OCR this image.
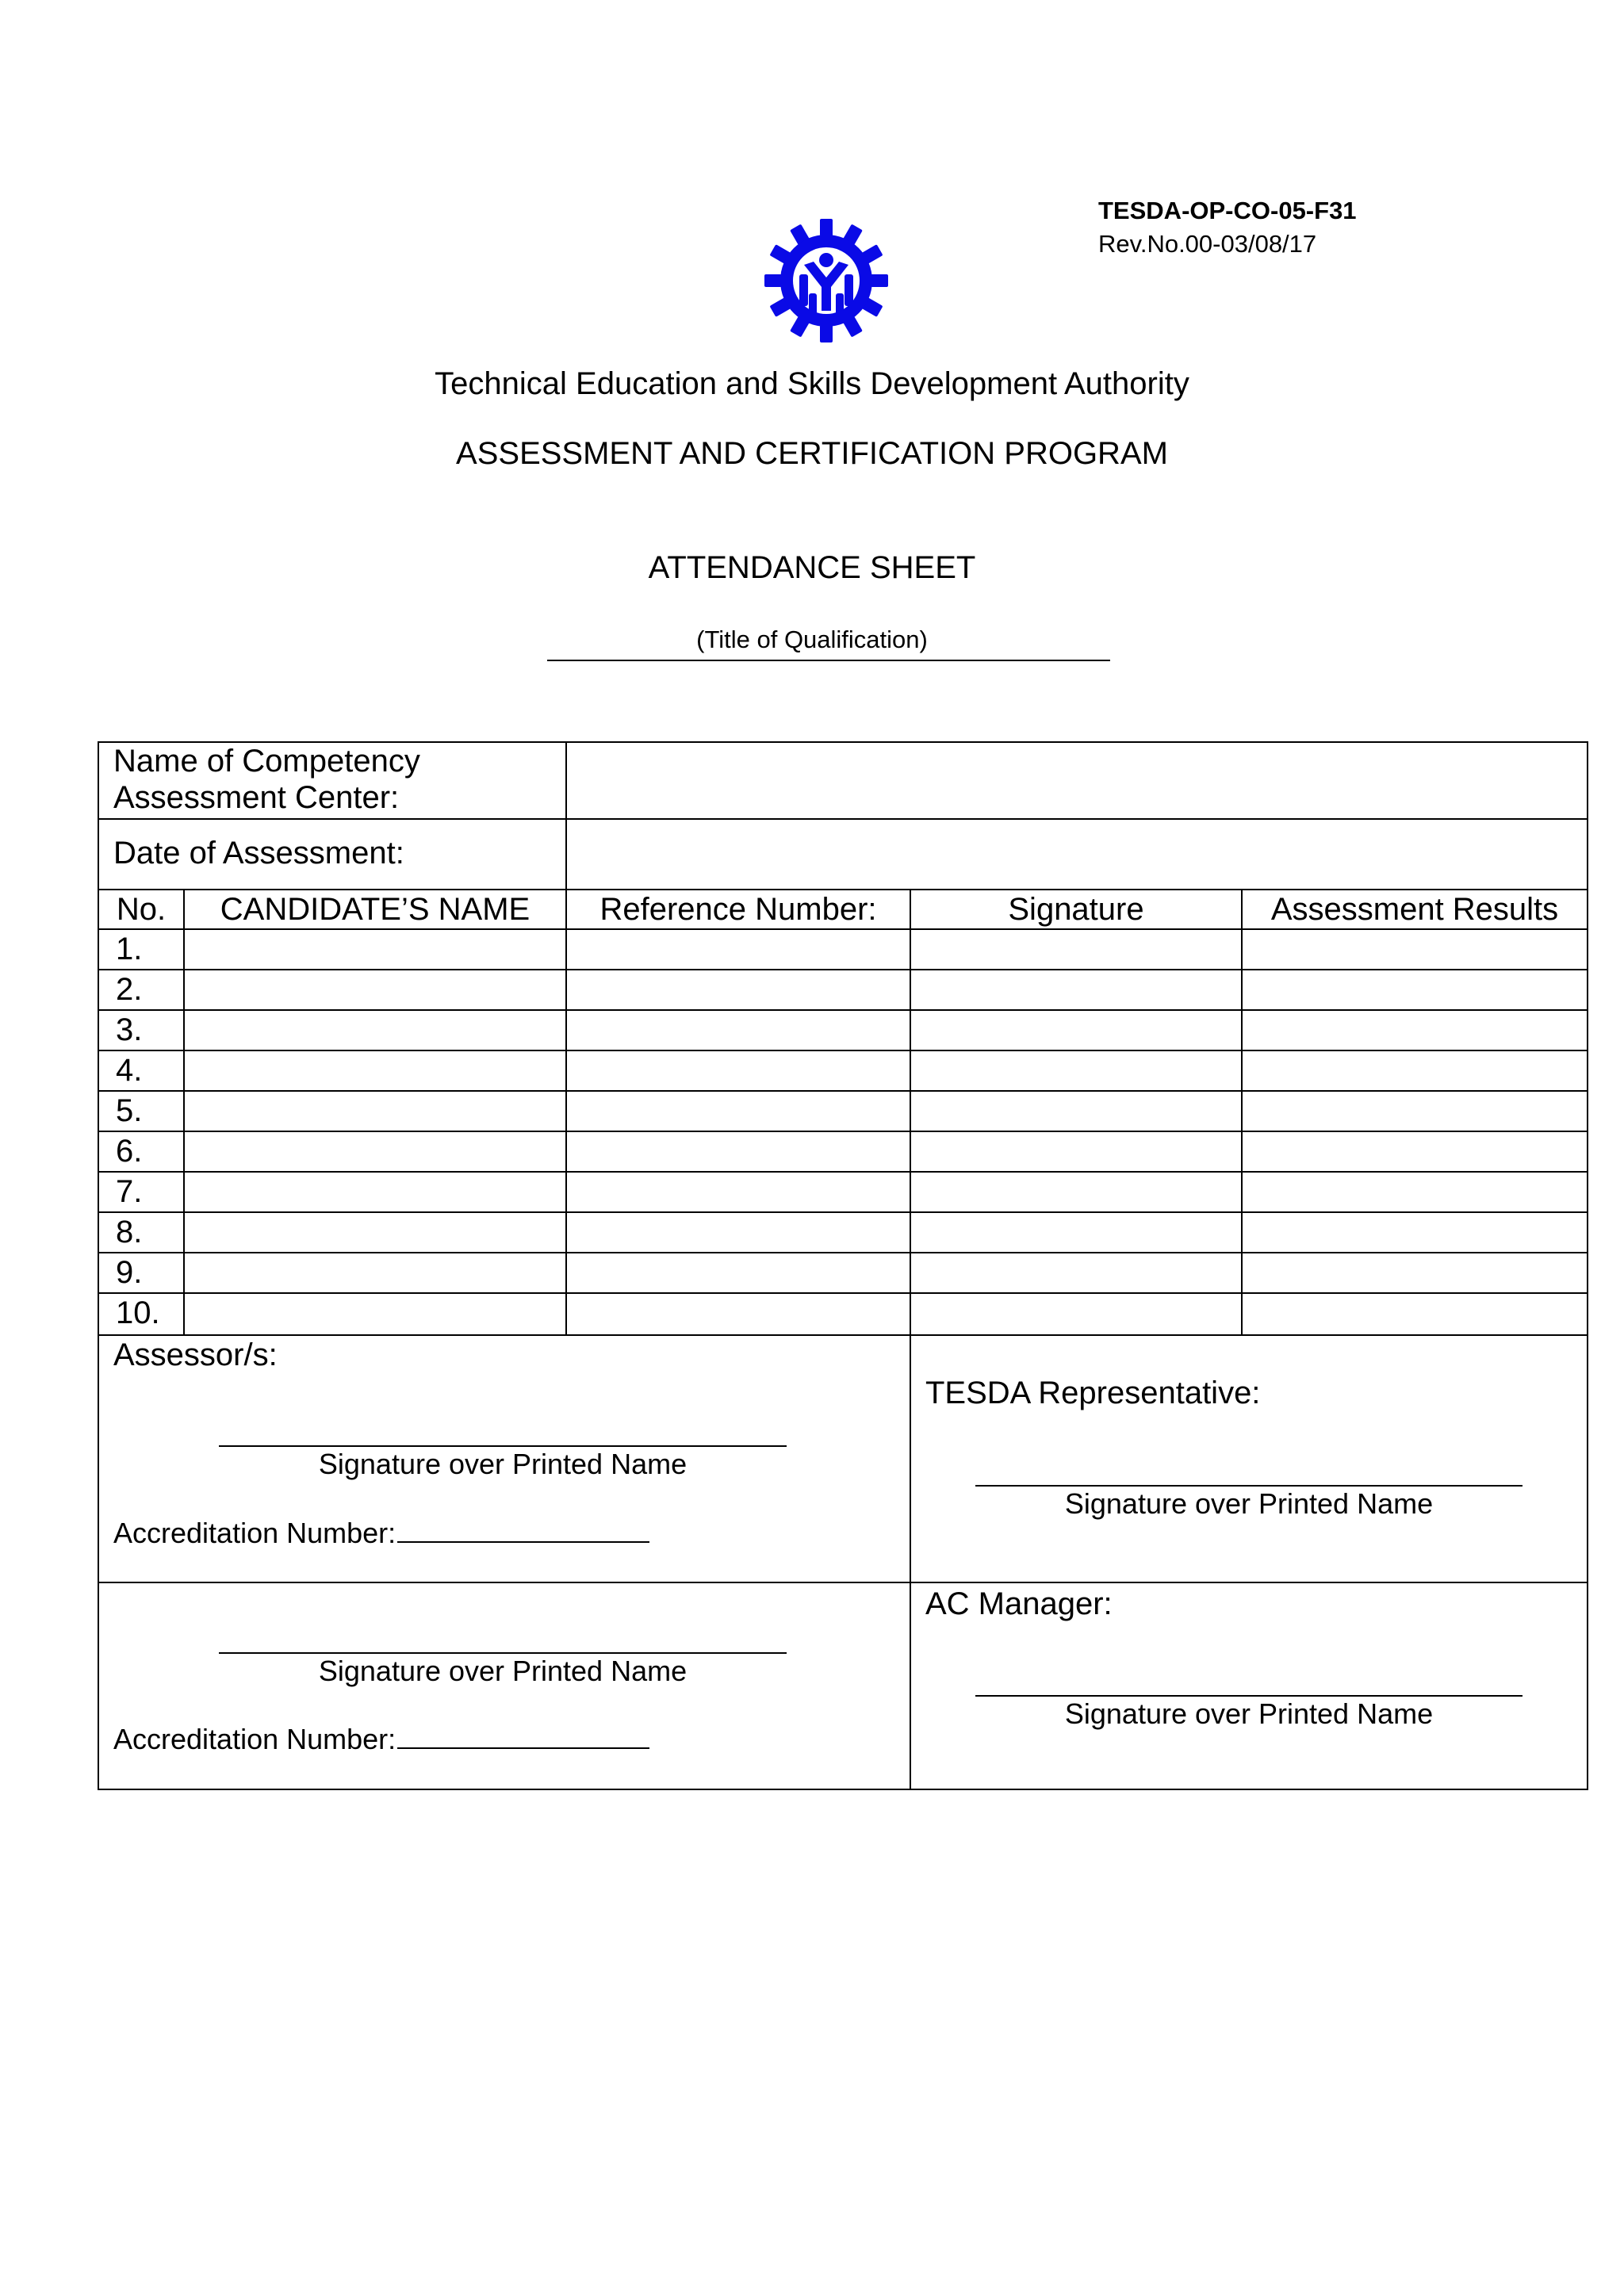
TESDA-OP-CO-05-F31
Rev.No.00-03/08/17
Technical Education and Skills Development Authority
ASSESSMENT AND CERTIFICATION PROGRAM
ATTENDANCE SHEET
(Title of Qualification)
Name of Competency
Assessment Center:
Date of Assessment:
No.	CANDIDATE’S NAME	Reference Number:	Signature	Assessment Results
1.
2.
3.
4.
5.
6.
7.
8.
9.
10.
Assessor/s:
Signature over Printed Name
Accreditation Number:
TESDA Representative:
Signature over Printed Name
Signature over Printed Name
Accreditation Number:
AC Manager:
Signature over Printed Name
